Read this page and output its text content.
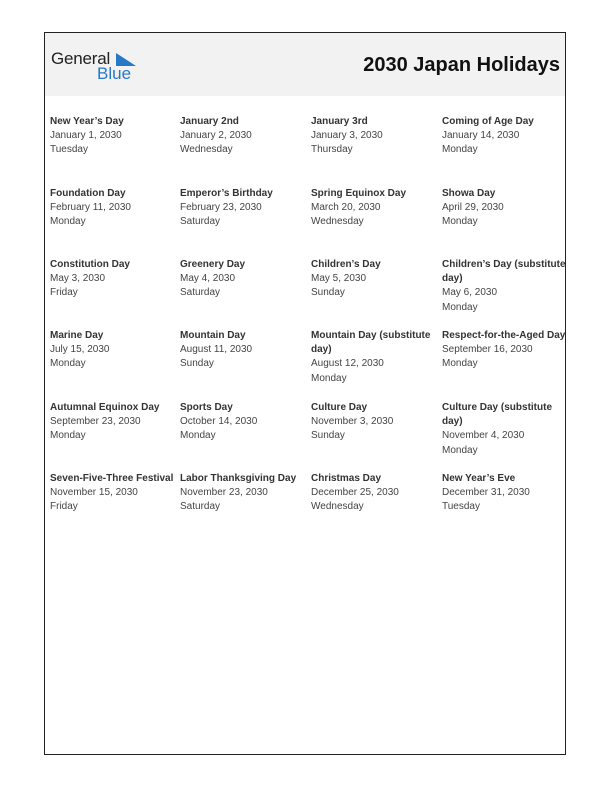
General
Blue	2030 Japan Holidays
New Year’s Day
January 1, 2030
Tuesday
January 2nd
January 2, 2030
Wednesday
January 3rd
January 3, 2030
Thursday
Coming of Age Day
January 14, 2030
Monday
Foundation Day
February 11, 2030
Monday
Emperor’s Birthday
February 23, 2030
Saturday
Spring Equinox Day
March 20, 2030
Wednesday
Showa Day
April 29, 2030
Monday
Constitution Day
May 3, 2030
Friday
Greenery Day
May 4, 2030
Saturday
Children’s Day
May 5, 2030
Sunday
Children’s Day (substitute day)
May 6, 2030
Monday
Marine Day
July 15, 2030
Monday
Mountain Day
August 11, 2030
Sunday
Mountain Day (substitute day)
August 12, 2030
Monday
Respect-for-the-Aged Day
September 16, 2030
Monday
Autumnal Equinox Day
September 23, 2030
Monday
Sports Day
October 14, 2030
Monday
Culture Day
November 3, 2030
Sunday
Culture Day (substitute day)
November 4, 2030
Monday
Seven-Five-Three Festival
November 15, 2030
Friday
Labor Thanksgiving Day
November 23, 2030
Saturday
Christmas Day
December 25, 2030
Wednesday
New Year’s Eve
December 31, 2030
Tuesday
